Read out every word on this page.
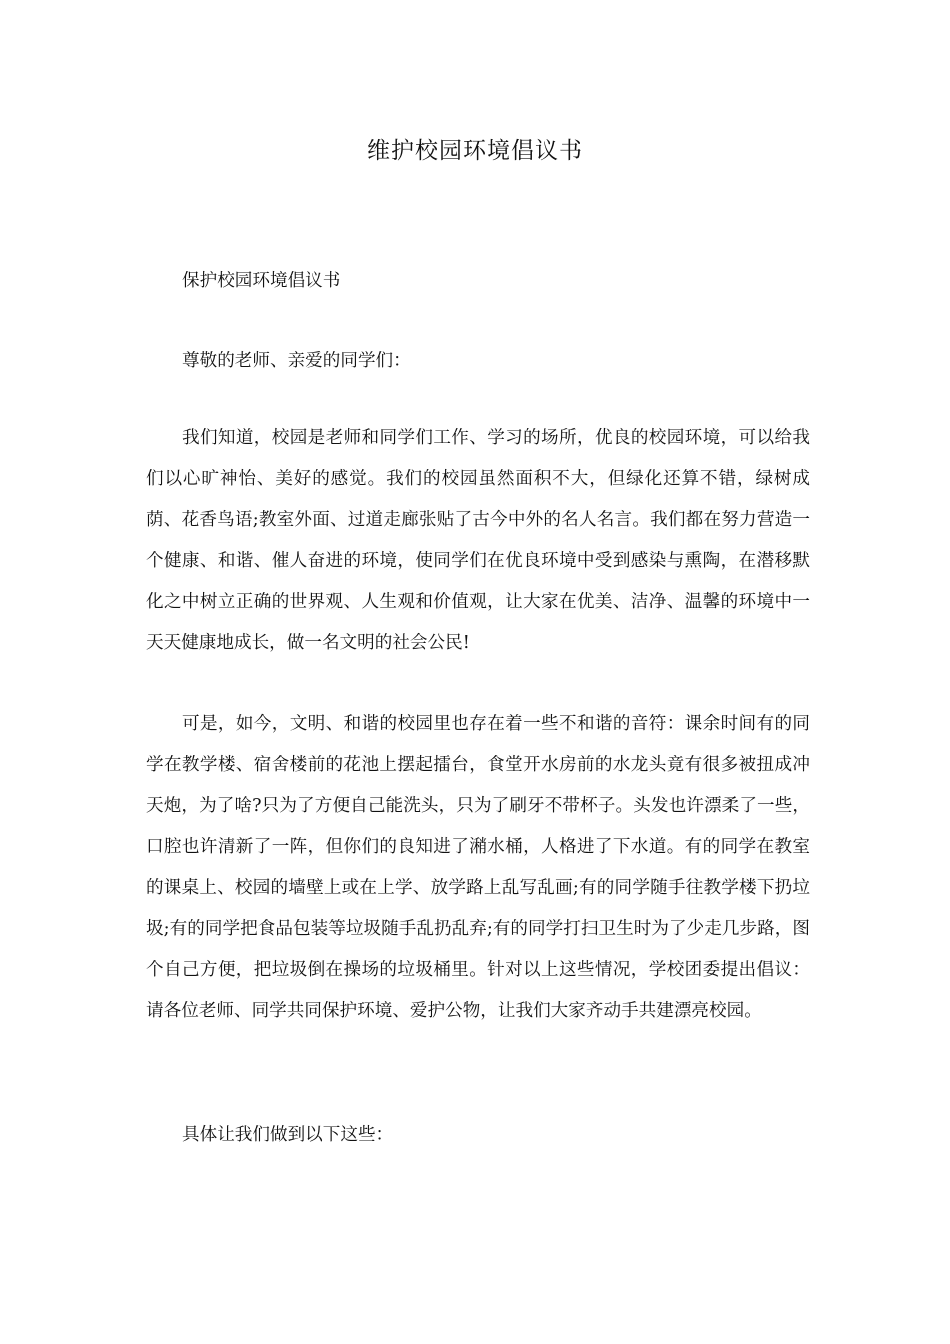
维护校园环境倡议书

保护校园环境倡议书

尊敬的老师、亲爱的同学们：

我们知道，校园是老师和同学们工作、学习的场所，优良的校园环境，可以给我们以心旷神怡、美好的感觉。我们的校园虽然面积不大，但绿化还算不错，绿树成荫、花香鸟语;教室外面、过道走廊张贴了古今中外的名人名言。我们都在努力营造一个健康、和谐、催人奋进的环境，使同学们在优良环境中受到感染与熏陶，在潜移默化之中树立正确的世界观、人生观和价值观，让大家在优美、洁净、温馨的环境中一天天健康地成长，做一名文明的社会公民!

可是，如今，文明、和谐的校园里也存在着一些不和谐的音符：课余时间有的同学在教学楼、宿舍楼前的花池上摆起擂台，食堂开水房前的水龙头竟有很多被扭成冲天炮，为了啥?只为了方便自己能洗头，只为了刷牙不带杯子。头发也许漂柔了一些，口腔也许清新了一阵，但你们的良知进了潲水桶，人格进了下水道。有的同学在教室的课桌上、校园的墙壁上或在上学、放学路上乱写乱画;有的同学随手往教学楼下扔垃圾;有的同学把食品包装等垃圾随手乱扔乱弃;有的同学打扫卫生时为了少走几步路，图个自己方便，把垃圾倒在操场的垃圾桶里。针对以上这些情况，学校团委提出倡议：请各位老师、同学共同保护环境、爱护公物，让我们大家齐动手共建漂亮校园。

具体让我们做到以下这些：
